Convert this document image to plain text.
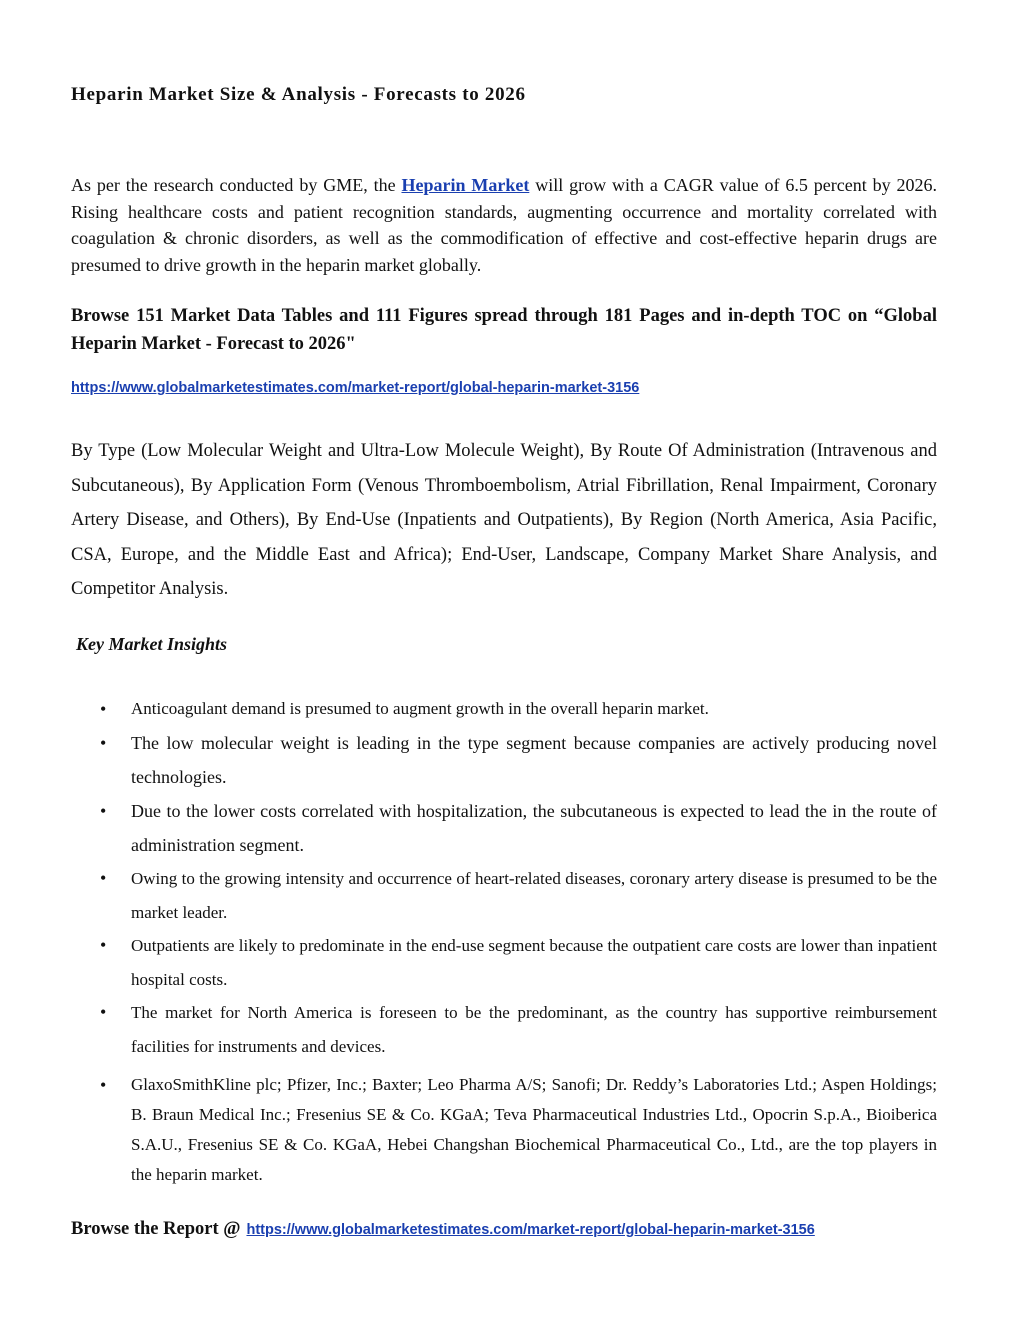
Heparin Market Size & Analysis - Forecasts to 2026

As per the research conducted by GME, the Heparin Market will grow with a CAGR value of 6.5 percent by 2026. Rising healthcare costs and patient recognition standards, augmenting occurrence and mortality correlated with coagulation & chronic disorders, as well as the commodification of effective and cost-effective heparin drugs are presumed to drive growth in the heparin market globally.

Browse 151 Market Data Tables and 111 Figures spread through 181 Pages and in-depth TOC on “Global Heparin Market - Forecast to 2026"

https://www.globalmarketestimates.com/market-report/global-heparin-market-3156

By Type (Low Molecular Weight and Ultra-Low Molecule Weight), By Route Of Administration (Intravenous and Subcutaneous), By Application Form (Venous Thromboembolism, Atrial Fibrillation, Renal Impairment, Coronary Artery Disease, and Others), By End-Use (Inpatients and Outpatients), By Region (North America, Asia Pacific, CSA, Europe, and the Middle East and Africa); End-User, Landscape, Company Market Share Analysis, and Competitor Analysis.

Key Market Insights
• Anticoagulant demand is presumed to augment growth in the overall heparin market.
• The low molecular weight is leading in the type segment because companies are actively producing novel technologies.
• Due to the lower costs correlated with hospitalization, the subcutaneous is expected to lead the in the route of administration segment.
• Owing to the growing intensity and occurrence of heart-related diseases, coronary artery disease is presumed to be the market leader.
• Outpatients are likely to predominate in the end-use segment because the outpatient care costs are lower than inpatient hospital costs.
• The market for North America is foreseen to be the predominant, as the country has supportive reimbursement facilities for instruments and devices.
• GlaxoSmithKline plc; Pfizer, Inc.; Baxter; Leo Pharma A/S; Sanofi; Dr. Reddy’s Laboratories Ltd.; Aspen Holdings; B. Braun Medical Inc.; Fresenius SE & Co. KGaA; Teva Pharmaceutical Industries Ltd., Opocrin S.p.A., Bioiberica S.A.U., Fresenius SE & Co. KGaA, Hebei Changshan Biochemical Pharmaceutical Co., Ltd., are the top players in the heparin market.
Browse the Report @ https://www.globalmarketestimates.com/market-report/global-heparin-market-3156
